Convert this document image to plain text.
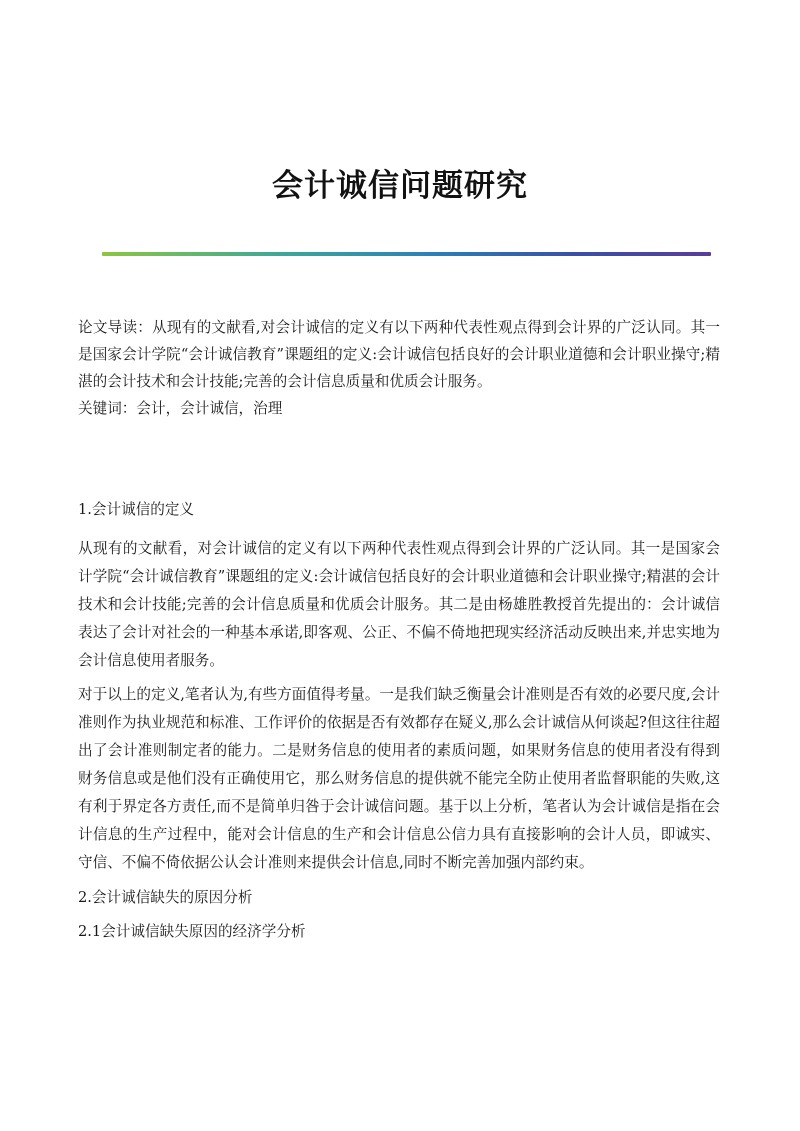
会计诚信问题研究

论文导读：从现有的文献看,对会计诚信的定义有以下两种代表性观点得到会计界的广泛认同。其一是国家会计学院“会计诚信教育”课题组的定义:会计诚信包括良好的会计职业道德和会计职业操守;精湛的会计技术和会计技能;完善的会计信息质量和优质会计服务。

关键词：会计，会计诚信，治理

1.会计诚信的定义

从现有的文献看，对会计诚信的定义有以下两种代表性观点得到会计界的广泛认同。其一是国家会计学院“会计诚信教育”课题组的定义:会计诚信包括良好的会计职业道德和会计职业操守;精湛的会计技术和会计技能;完善的会计信息质量和优质会计服务。其二是由杨雄胜教授首先提出的：会计诚信表达了会计对社会的一种基本承诺,即客观、公正、不偏不倚地把现实经济活动反映出来,并忠实地为会计信息使用者服务。

对于以上的定义,笔者认为,有些方面值得考量。一是我们缺乏衡量会计准则是否有效的必要尺度,会计准则作为执业规范和标准、工作评价的依据是否有效都存在疑义,那么会计诚信从何谈起?但这往往超出了会计准则制定者的能力。二是财务信息的使用者的素质问题，如果财务信息的使用者没有得到财务信息或是他们没有正确使用它，那么财务信息的提供就不能完全防止使用者监督职能的失败,这有利于界定各方责任,而不是简单归咎于会计诚信问题。基于以上分析，笔者认为会计诚信是指在会计信息的生产过程中，能对会计信息的生产和会计信息公信力具有直接影响的会计人员，即诚实、守信、不偏不倚依据公认会计准则来提供会计信息,同时不断完善加强内部约束。

2.会计诚信缺失的原因分析

2.1会计诚信缺失原因的经济学分析
